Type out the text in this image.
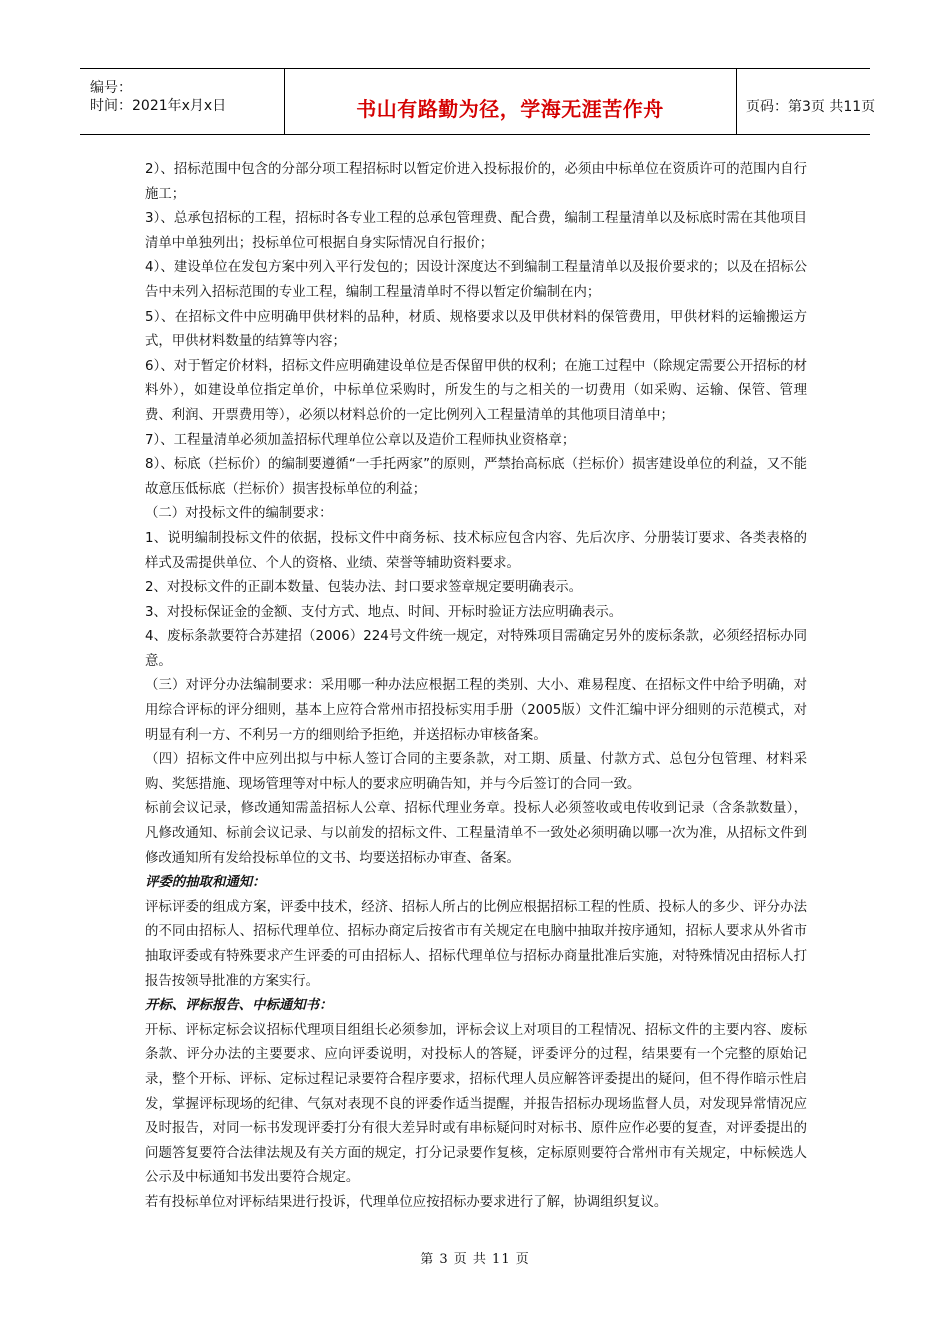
编号：
时间：2021年x月x日	书山有路勤为径，学海无涯苦作舟	页码：第3页 共11页

2）、招标范围中包含的分部分项工程招标时以暂定价进入投标报价的，必须由中标单位在资质许可的范围内自行施工；

3）、总承包招标的工程，招标时各专业工程的总承包管理费、配合费，编制工程量清单以及标底时需在其他项目清单中单独列出；投标单位可根据自身实际情况自行报价；

4）、建设单位在发包方案中列入平行发包的；因设计深度达不到编制工程量清单以及报价要求的；以及在招标公告中未列入招标范围的专业工程，编制工程量清单时不得以暂定价编制在内；

5）、在招标文件中应明确甲供材料的品种，材质、规格要求以及甲供材料的保管费用，甲供材料的运输搬运方式，甲供材料数量的结算等内容；

6）、对于暂定价材料，招标文件应明确建设单位是否保留甲供的权利；在施工过程中（除规定需要公开招标的材料外），如建设单位指定单价，中标单位采购时，所发生的与之相关的一切费用（如采购、运输、保管、管理费、利润、开票费用等），必须以材料总价的一定比例列入工程量清单的其他项目清单中；

7）、工程量清单必须加盖招标代理单位公章以及造价工程师执业资格章；

8）、标底（拦标价）的编制要遵循“一手托两家”的原则，严禁抬高标底（拦标价）损害建设单位的利益，又不能故意压低标底（拦标价）损害投标单位的利益；

（二）对投标文件的编制要求：

1、说明编制投标文件的依据，投标文件中商务标、技术标应包含内容、先后次序、分册装订要求、各类表格的样式及需提供单位、个人的资格、业绩、荣誉等辅助资料要求。

2、对投标文件的正副本数量、包装办法、封口要求签章规定要明确表示。

3、对投标保证金的金额、支付方式、地点、时间、开标时验证方法应明确表示。

4、废标条款要符合苏建招（2006）224号文件统一规定，对特殊项目需确定另外的废标条款，必须经招标办同意。

（三）对评分办法编制要求：采用哪一种办法应根据工程的类别、大小、难易程度、在招标文件中给予明确，对用综合评标的评分细则，基本上应符合常州市招投标实用手册（2005版）文件汇编中评分细则的示范模式，对明显有利一方、不利另一方的细则给予拒绝，并送招标办审核备案。

（四）招标文件中应列出拟与中标人签订合同的主要条款，对工期、质量、付款方式、总包分包管理、材料采购、奖惩措施、现场管理等对中标人的要求应明确告知，并与今后签订的合同一致。

标前会议记录，修改通知需盖招标人公章、招标代理业务章。投标人必须签收或电传收到记录（含条款数量），凡修改通知、标前会议记录、与以前发的招标文件、工程量清单不一致处必须明确以哪一次为准，从招标文件到修改通知所有发给投标单位的文书、均要送招标办审查、备案。

评委的抽取和通知：

评标评委的组成方案，评委中技术，经济、招标人所占的比例应根据招标工程的性质、投标人的多少、评分办法的不同由招标人、招标代理单位、招标办商定后按省市有关规定在电脑中抽取并按序通知，招标人要求从外省市抽取评委或有特殊要求产生评委的可由招标人、招标代理单位与招标办商量批准后实施，对特殊情况由招标人打报告按领导批准的方案实行。

开标、评标报告、中标通知书：

开标、评标定标会议招标代理项目组组长必须参加，评标会议上对项目的工程情况、招标文件的主要内容、废标条款、评分办法的主要要求、应向评委说明，对投标人的答疑，评委评分的过程，结果要有一个完整的原始记录，整个开标、评标、定标过程记录要符合程序要求，招标代理人员应解答评委提出的疑问，但不得作暗示性启发，掌握评标现场的纪律、气氛对表现不良的评委作适当提醒，并报告招标办现场监督人员，对发现异常情况应及时报告，对同一标书发现评委打分有很大差异时或有串标疑问时对标书、原件应作必要的复查，对评委提出的问题答复要符合法律法规及有关方面的规定，打分记录要作复核，定标原则要符合常州市有关规定，中标候选人公示及中标通知书发出要符合规定。

若有投标单位对评标结果进行投诉，代理单位应按招标办要求进行了解，协调组织复议。

第 3 页 共 11 页
